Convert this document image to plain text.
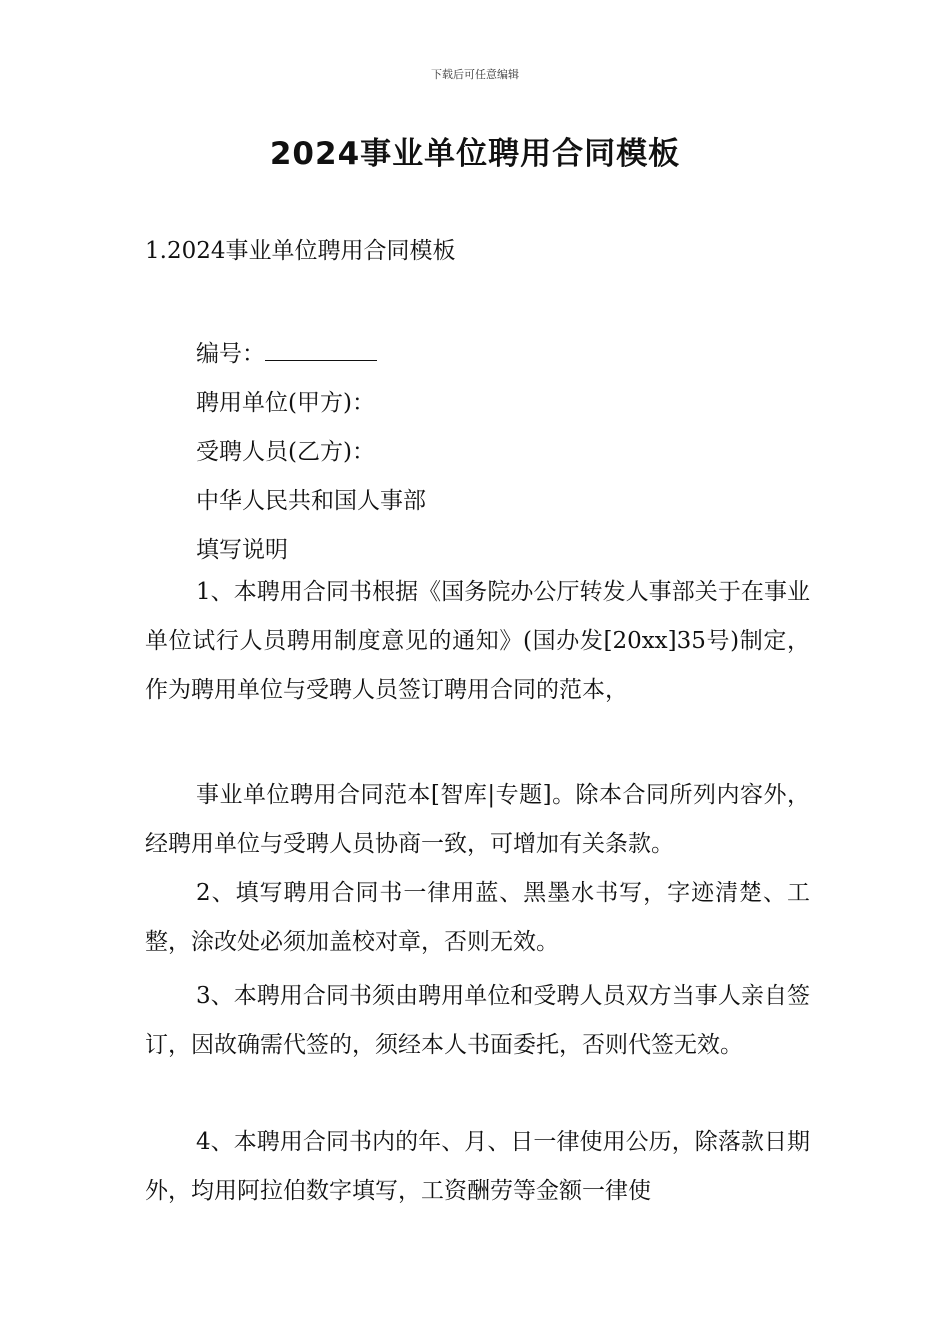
下载后可任意编辑
2024事业单位聘用合同模板
1.2024事业单位聘用合同模板
编号：
聘用单位(甲方)：
受聘人员(乙方)：
中华人民共和国人事部
填写说明

1、本聘用合同书根据《国务院办公厅转发人事部关于在事业单位试行人员聘用制度意见的通知》(国办发[20xx]35号)制定，作为聘用单位与受聘人员签订聘用合同的范本，

事业单位聘用合同范本[智库|专题]。除本合同所列内容外，经聘用单位与受聘人员协商一致，可增加有关条款。

2、填写聘用合同书一律用蓝、黑墨水书写，字迹清楚、工整，涂改处必须加盖校对章，否则无效。

3、本聘用合同书须由聘用单位和受聘人员双方当事人亲自签订，因故确需代签的，须经本人书面委托，否则代签无效。

4、本聘用合同书内的年、月、日一律使用公历，除落款日期外，均用阿拉伯数字填写，工资酬劳等金额一律使
